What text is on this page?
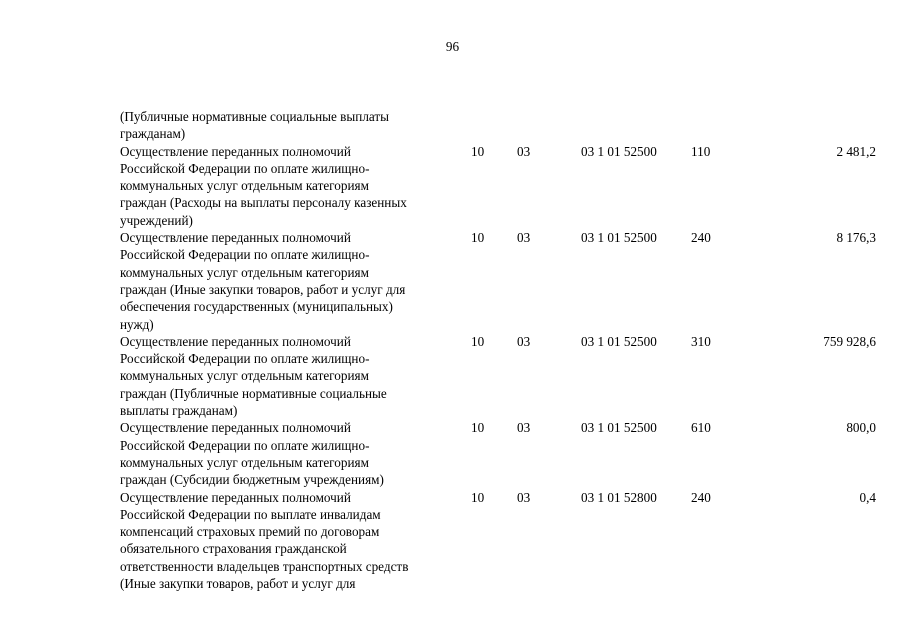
96
(Публичные нормативные социальные выплаты
гражданам)
Осуществление переданных полномочий
Российской Федерации по оплате жилищно-
коммунальных услуг отдельным категориям
граждан (Расходы на выплаты персоналу казенных
учреждений)
10 03	03 1 01 52500	110	2 481,2
Осуществление переданных полномочий
Российской Федерации по оплате жилищно-
коммунальных услуг отдельным категориям
граждан (Иные закупки товаров, работ и услуг для
обеспечения государственных (муниципальных)
нужд)
10 03	03 1 01 52500	240	8 176,3
Осуществление переданных полномочий
Российской Федерации по оплате жилищно-
коммунальных услуг отдельным категориям
граждан (Публичные нормативные социальные
выплаты гражданам)
10 03	03 1 01 52500	310	759 928,6
Осуществление переданных полномочий
Российской Федерации по оплате жилищно-
коммунальных услуг отдельным категориям
граждан (Субсидии бюджетным учреждениям)
10 03	03 1 01 52500	610	800,0
Осуществление переданных полномочий
Российской Федерации по выплате инвалидам
компенсаций страховых премий по договорам
обязательного страхования гражданской
ответственности владельцев транспортных средств
(Иные закупки товаров, работ и услуг для
10 03	03 1 01 52800	240	0,4
